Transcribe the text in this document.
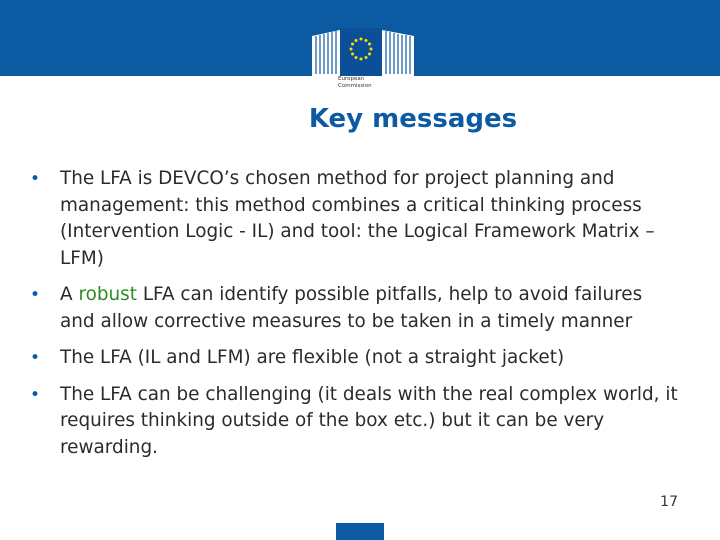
European
Commission
Key messages
• The LFA is DEVCO’s chosen method for project planning and management: this method combines a critical thinking process (Intervention Logic - IL) and tool: the Logical Framework Matrix – LFM)
• A robust LFA can identify possible pitfalls, help to avoid failures and allow corrective measures to be taken in a timely manner
• The LFA (IL and LFM) are flexible (not a straight jacket)
• The LFA can be challenging (it deals with the real complex world, it requires thinking outside of the box etc.) but it can be very rewarding.
17
